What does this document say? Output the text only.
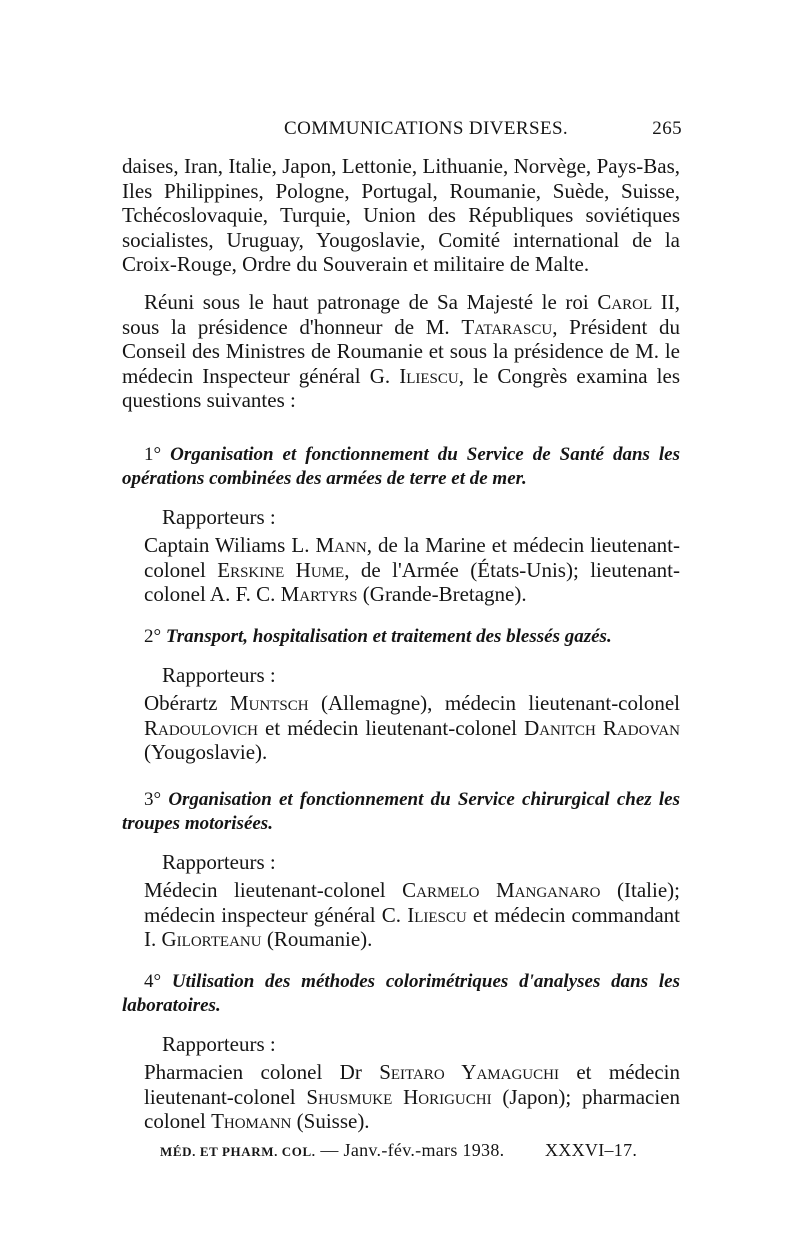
COMMUNICATIONS DIVERSES.	265
daises, Iran, Italie, Japon, Lettonie, Lithuanie, Norvège, Pays-Bas, Iles Philippines, Pologne, Portugal, Roumanie, Suède, Suisse, Tchécoslovaquie, Turquie, Union des Républiques soviétiques socialistes, Uruguay, Yougoslavie, Comité international de la Croix-Rouge, Ordre du Souverain et militaire de Malte.
Réuni sous le haut patronage de Sa Majesté le roi Carol II, sous la présidence d'honneur de M. Tatarascu, Président du Conseil des Ministres de Roumanie et sous la présidence de M. le médecin Inspecteur général G. Iliescu, le Congrès examina les questions suivantes :
1° Organisation et fonctionnement du Service de Santé dans les opérations combinées des armées de terre et de mer.
Rapporteurs :
Captain Wiliams L. Mann, de la Marine et médecin lieutenant-colonel Erskine Hume, de l'Armée (États-Unis); lieutenant-colonel A. F. C. Martyrs (Grande-Bretagne).
2° Transport, hospitalisation et traitement des blessés gazés.
Rapporteurs :
Obérartz Muntsch (Allemagne), médecin lieutenant-colonel Radoulovich et médecin lieutenant-colonel Danitch Radovan (Yougoslavie).
3° Organisation et fonctionnement du Service chirurgical chez les troupes motorisées.
Rapporteurs :
Médecin lieutenant-colonel Carmelo Manganaro (Italie); médecin inspecteur général C. Iliescu et médecin commandant I. Gilorteanu (Roumanie).
4° Utilisation des méthodes colorimétriques d'analyses dans les laboratoires.
Rapporteurs :
Pharmacien colonel Dr Seitaro Yamaguchi et médecin lieutenant-colonel Shusmuke Horiguchi (Japon); pharmacien colonel Thomann (Suisse).
MÉD. ET PHARM. COL. — Janv.-fév.-mars 1938. XXXVI–17.
